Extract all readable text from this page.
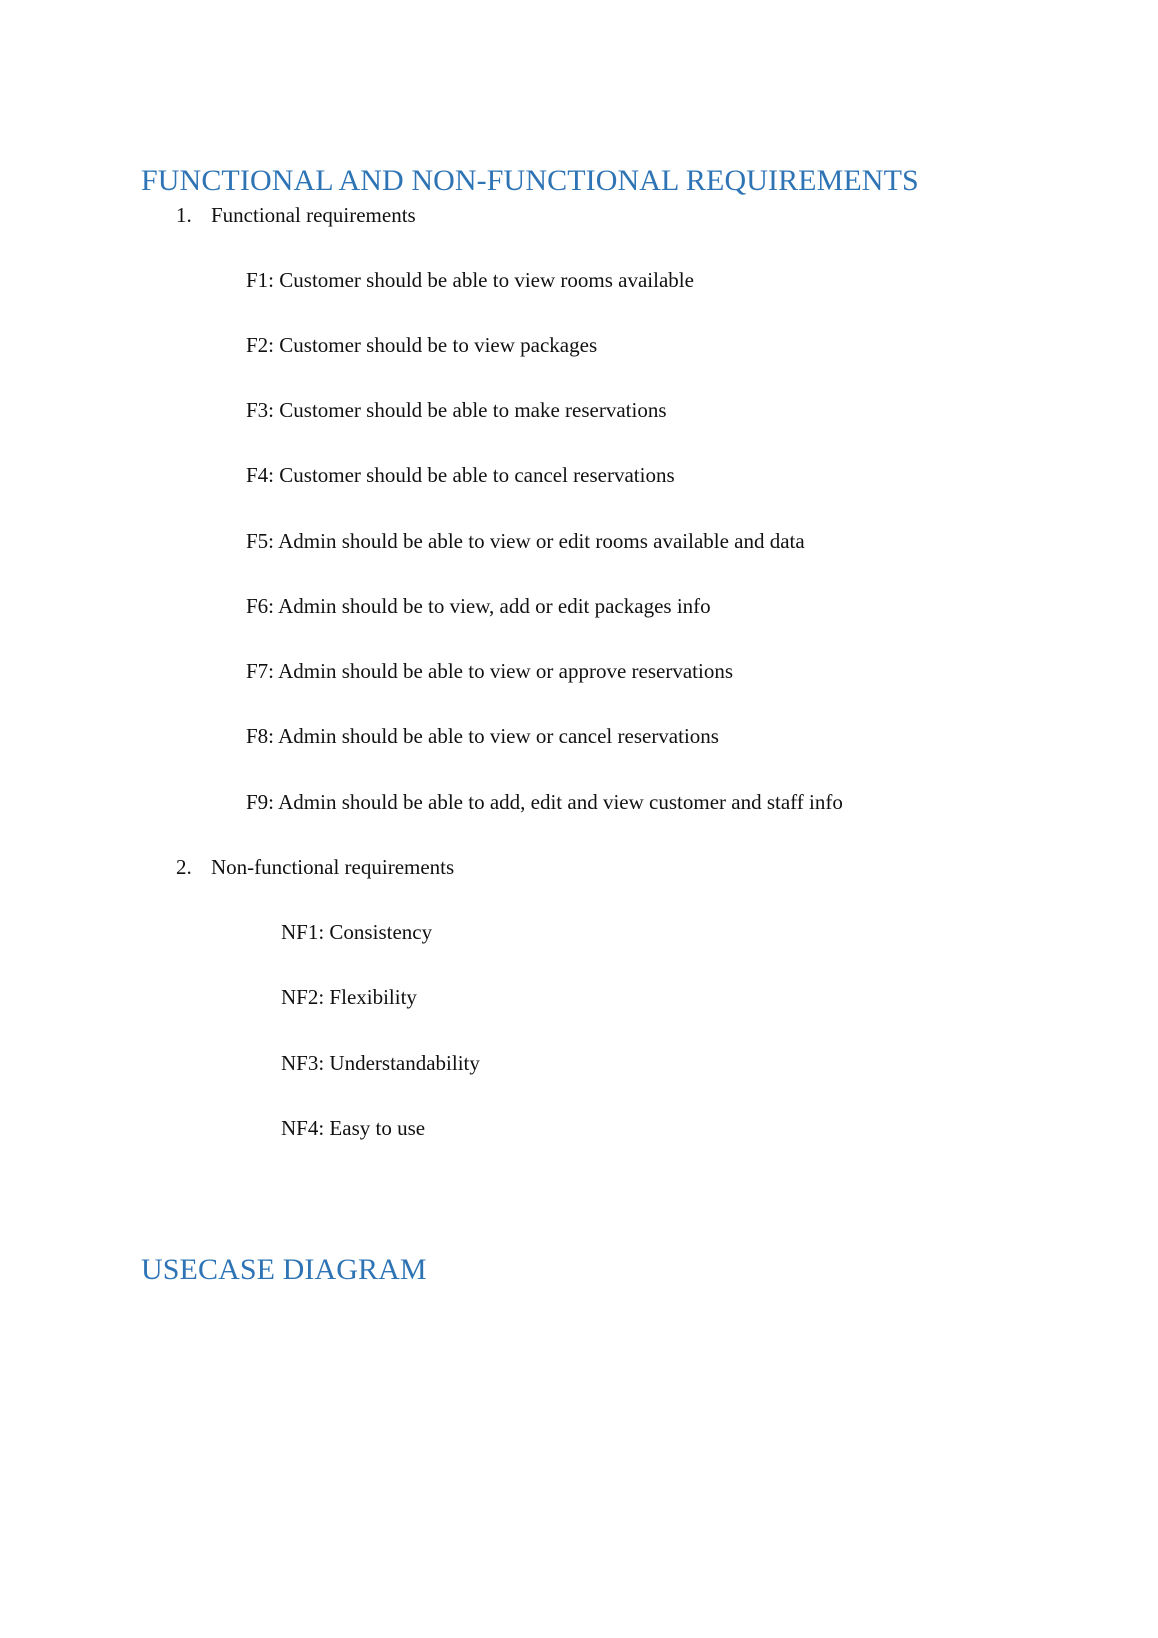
FUNCTIONAL AND NON-FUNCTIONAL REQUIREMENTS
1. Functional requirements

F1: Customer should be able to view rooms available

F2: Customer should be to view packages

F3: Customer should be able to make reservations

F4: Customer should be able to cancel reservations

F5: Admin should be able to view or edit rooms available and data

F6: Admin should be to view, add or edit packages info

F7: Admin should be able to view or approve reservations

F8: Admin should be able to view or cancel reservations

F9: Admin should be able to add, edit and view customer and staff info

2. Non-functional requirements

NF1: Consistency

NF2: Flexibility

NF3: Understandability

NF4: Easy to use

USECASE DIAGRAM
